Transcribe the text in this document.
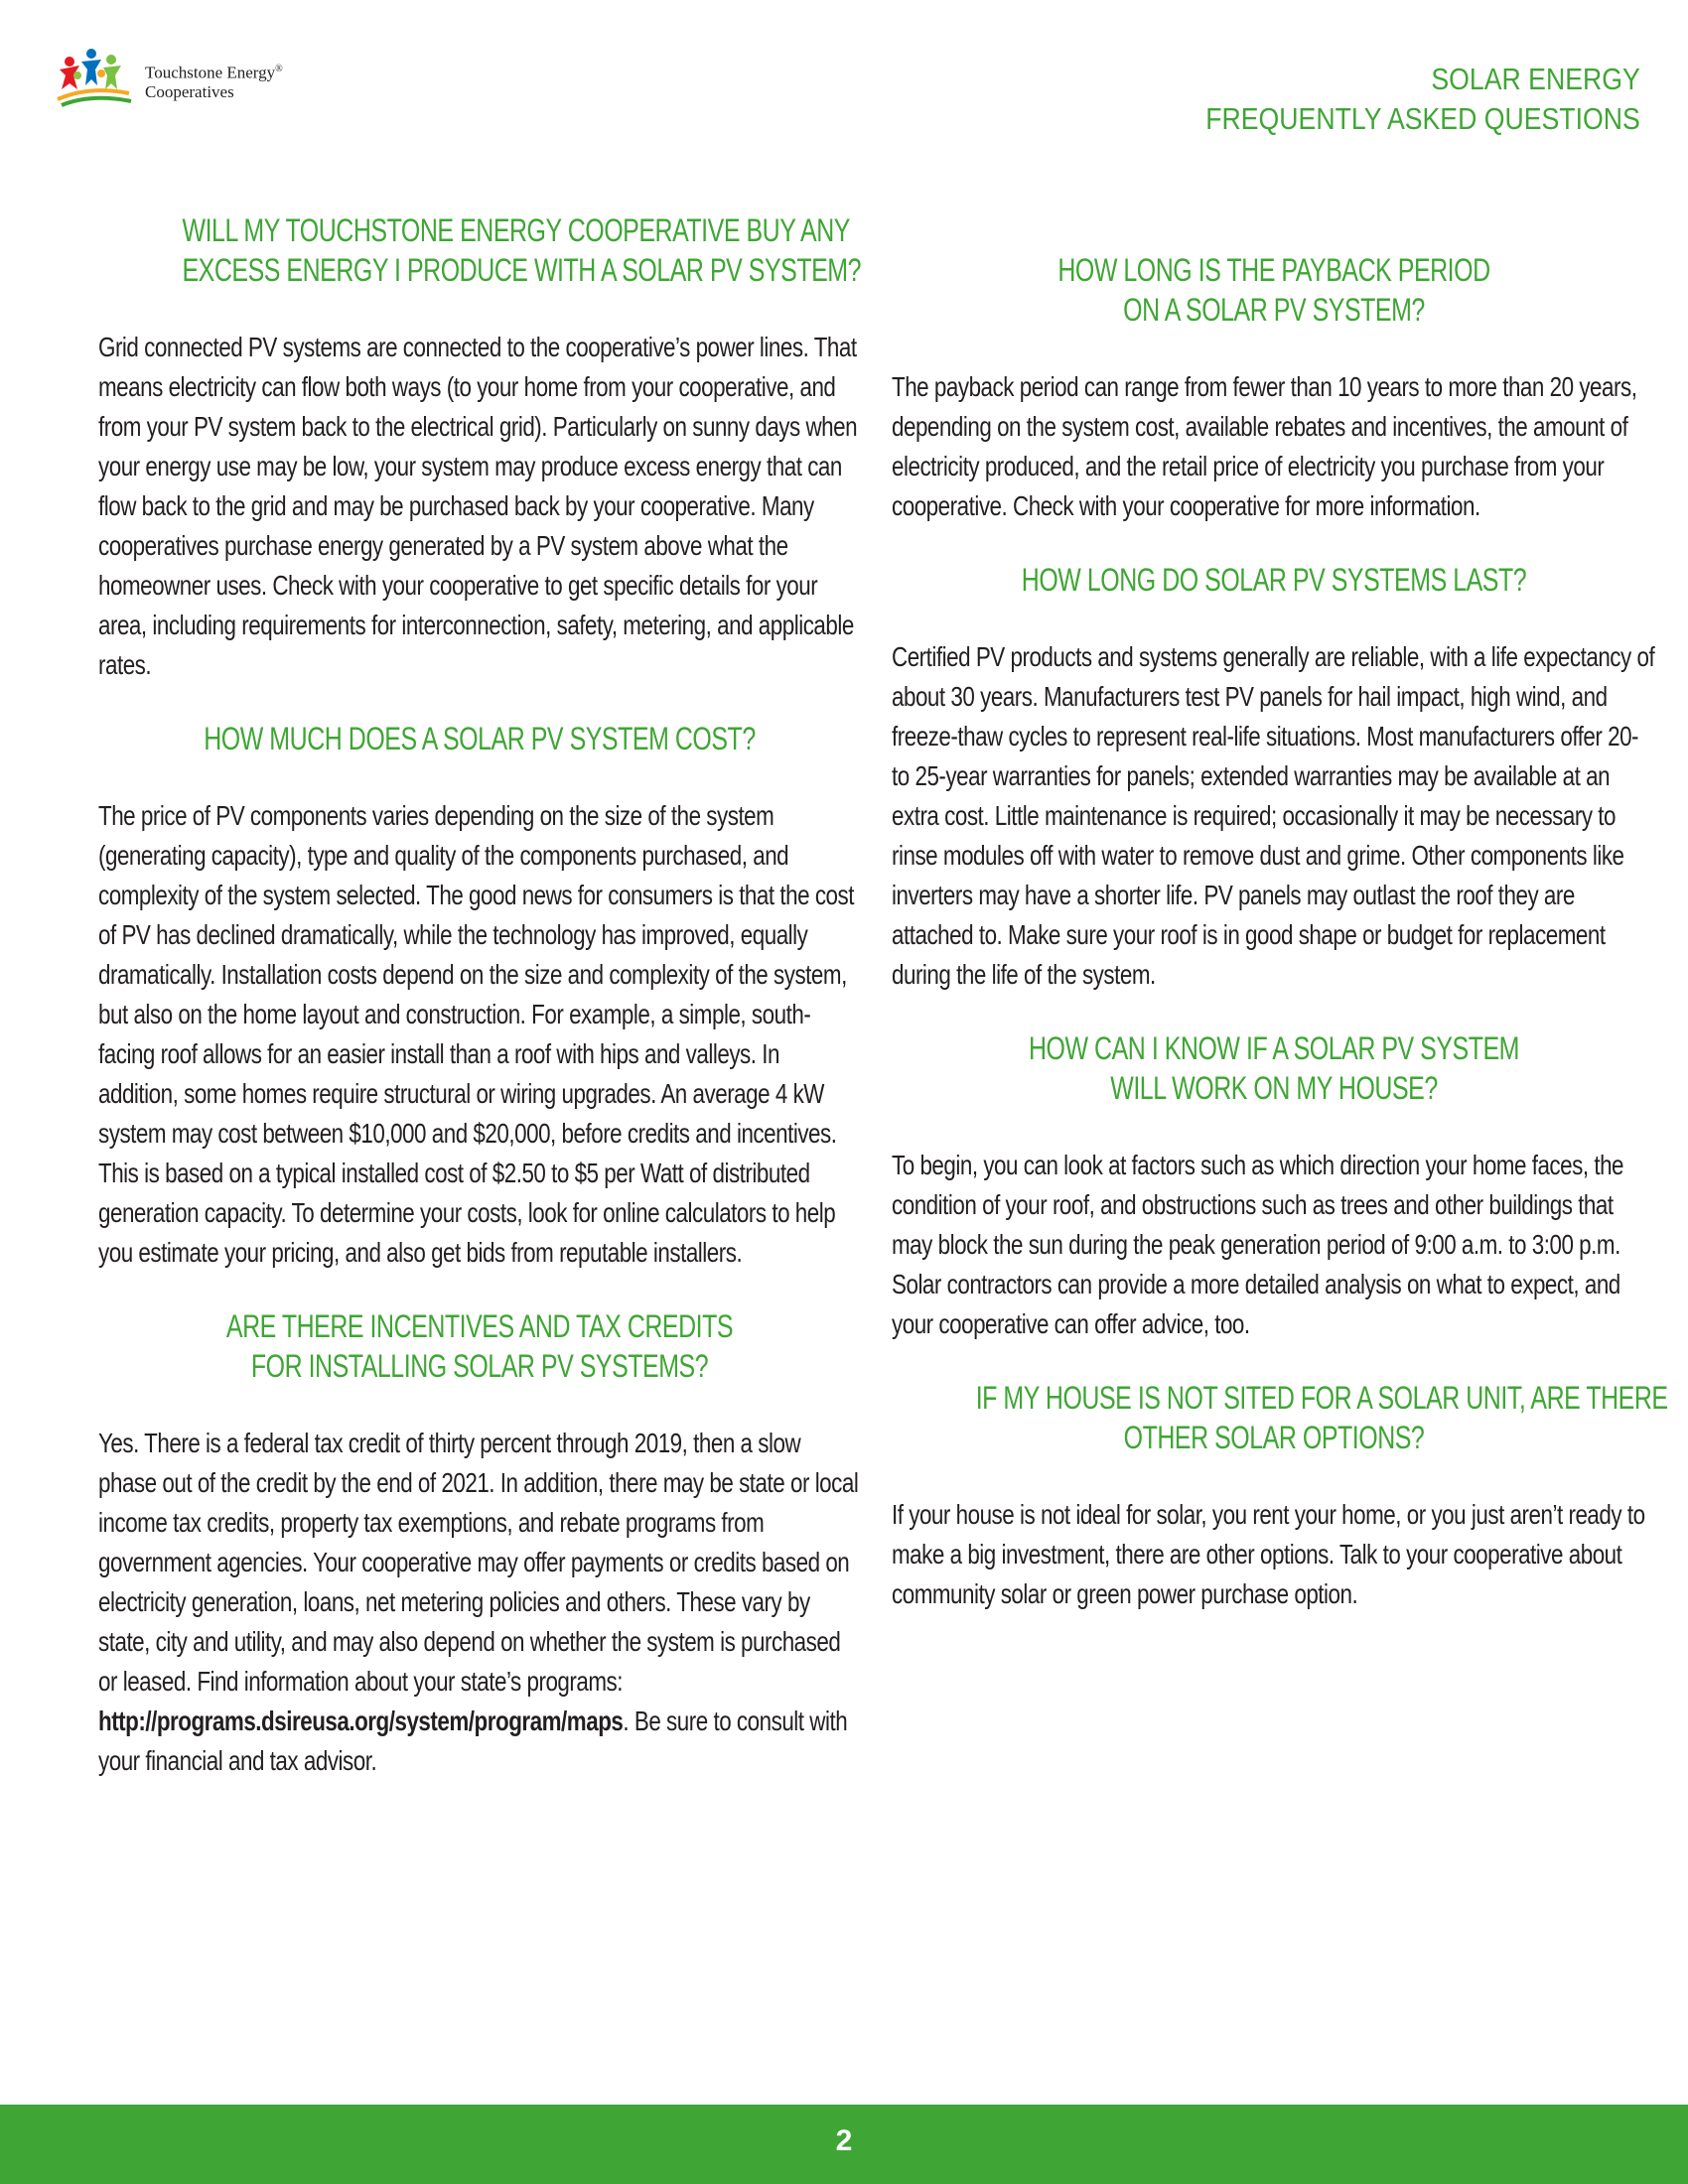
Touchstone Energy®
Cooperatives	SOLAR ENERGY
FREQUENTLY ASKED QUESTIONS
WILL MY TOUCHSTONE ENERGY COOPERATIVE BUY ANY
EXCESS ENERGY I PRODUCE WITH A SOLAR PV SYSTEM?

Grid connected PV systems are connected to the cooperative’s power lines. That means electricity can flow both ways (to your home from your cooperative, and from your PV system back to the electrical grid). Particularly on sunny days when your energy use may be low, your system may produce excess energy that can flow back to the grid and may be purchased back by your cooperative. Many cooperatives purchase energy generated by a PV system above what the homeowner uses. Check with your cooperative to get specific details for your area, including requirements for interconnection, safety, metering, and applicable rates.

HOW MUCH DOES A SOLAR PV SYSTEM COST?

The price of PV components varies depending on the size of the system (generating capacity), type and quality of the components purchased, and complexity of the system selected. The good news for consumers is that the cost of PV has declined dramatically, while the technology has improved, equally dramatically. Installation costs depend on the size and complexity of the system, but also on the home layout and construction. For example, a simple, south-facing roof allows for an easier install than a roof with hips and valleys. In addition, some homes require structural or wiring upgrades. An average 4 kW system may cost between $10,000 and $20,000, before credits and incentives. This is based on a typical installed cost of $2.50 to $5 per Watt of distributed generation capacity. To determine your costs, look for online calculators to help you estimate your pricing, and also get bids from reputable installers.

ARE THERE INCENTIVES AND TAX CREDITS
FOR INSTALLING SOLAR PV SYSTEMS?

Yes. There is a federal tax credit of thirty percent through 2019, then a slow phase out of the credit by the end of 2021. In addition, there may be state or local income tax credits, property tax exemptions, and rebate programs from government agencies. Your cooperative may offer payments or credits based on electricity generation, loans, net metering policies and others. These vary by state, city and utility, and may also depend on whether the system is purchased or leased. Find information about your state’s programs: http://programs.dsireusa.org/system/program/maps. Be sure to consult with your financial and tax advisor.

HOW LONG IS THE PAYBACK PERIOD
ON A SOLAR PV SYSTEM?

The payback period can range from fewer than 10 years to more than 20 years, depending on the system cost, available rebates and incentives, the amount of electricity produced, and the retail price of electricity you purchase from your cooperative. Check with your cooperative for more information.

HOW LONG DO SOLAR PV SYSTEMS LAST?

Certified PV products and systems generally are reliable, with a life expectancy of about 30 years. Manufacturers test PV panels for hail impact, high wind, and freeze-thaw cycles to represent real-life situations. Most manufacturers offer 20- to 25-year warranties for panels; extended warranties may be available at an extra cost. Little maintenance is required; occasionally it may be necessary to rinse modules off with water to remove dust and grime. Other components like inverters may have a shorter life. PV panels may outlast the roof they are attached to. Make sure your roof is in good shape or budget for replacement during the life of the system.

HOW CAN I KNOW IF A SOLAR PV SYSTEM
WILL WORK ON MY HOUSE?

To begin, you can look at factors such as which direction your home faces, the condition of your roof, and obstructions such as trees and other buildings that may block the sun during the peak generation period of 9:00 a.m. to 3:00 p.m. Solar contractors can provide a more detailed analysis on what to expect, and your cooperative can offer advice, too.

IF MY HOUSE IS NOT SITED FOR A SOLAR UNIT, ARE THERE
OTHER SOLAR OPTIONS?

If your house is not ideal for solar, you rent your home, or you just aren’t ready to make a big investment, there are other options. Talk to your cooperative about community solar or green power purchase option.

2
